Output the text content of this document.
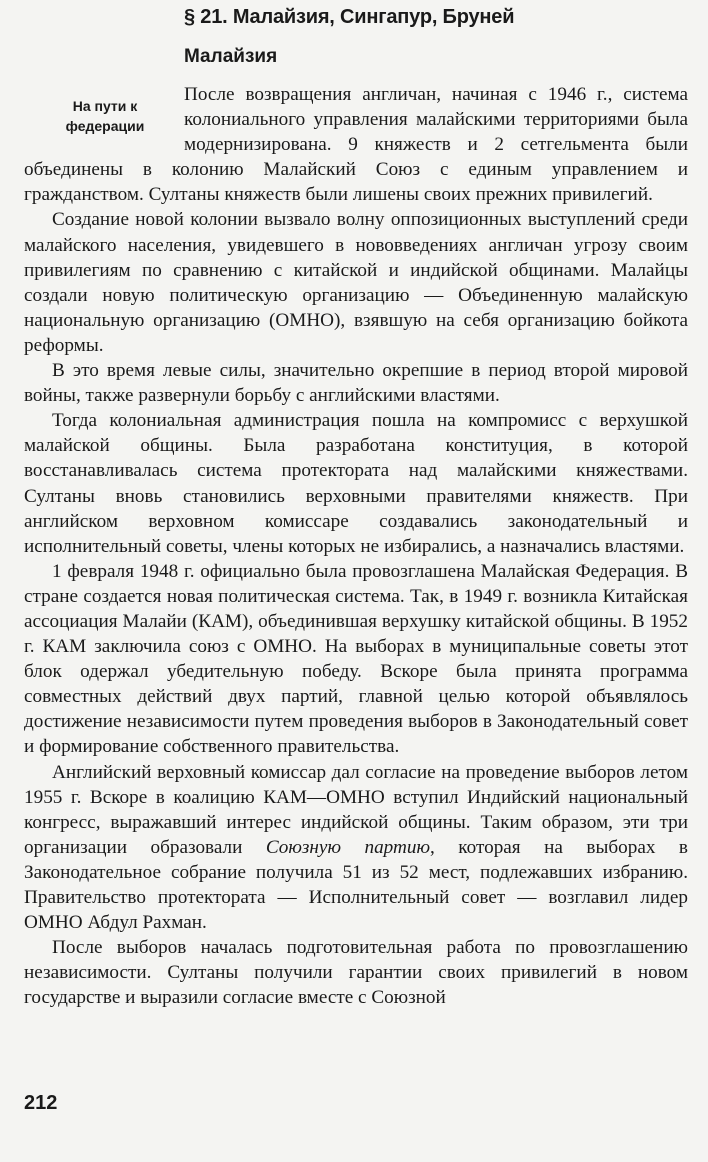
§ 21. Малайзия, Сингапур, Бруней
Малайзия
На пути к федерации

После возвращения англичан, начиная с 1946 г., система колониального управления малайскими территориями была модернизирована. 9 княжеств и 2 сетгельмента были объединены в колонию Малайский Союз с единым управлением и гражданством. Султаны княжеств были лишены своих прежних привилегий.

Создание новой колонии вызвало волну оппозиционных выступлений среди малайского населения, увидевшего в нововведениях англичан угрозу своим привилегиям по сравнению с китайской и индийской общинами. Малайцы создали новую политическую организацию — Объединенную малайскую национальную организацию (ОМНО), взявшую на себя организацию бойкота реформы.

В это время левые силы, значительно окрепшие в период второй мировой войны, также развернули борьбу с английскими властями.

Тогда колониальная администрация пошла на компромисс с верхушкой малайской общины. Была разработана конституция, в которой восстанавливалась система протектората над малайскими княжествами. Султаны вновь становились верховными правителями княжеств. При английском верховном комиссаре создавались законодательный и исполнительный советы, члены которых не избирались, а назначались властями.

1 февраля 1948 г. официально была провозглашена Малайская Федерация. В стране создается новая политическая система. Так, в 1949 г. возникла Китайская ассоциация Малайи (КАМ), объединившая верхушку китайской общины. В 1952 г. КАМ заключила союз с ОМНО. На выборах в муниципальные советы этот блок одержал убедительную победу. Вскоре была принята программа совместных действий двух партий, главной целью которой объявлялось достижение независимости путем проведения выборов в Законодательный совет и формирование собственного правительства.

Английский верховный комиссар дал согласие на проведение выборов летом 1955 г. Вскоре в коалицию КАМ—ОМНО вступил Индийский национальный конгресс, выражавший интерес индийской общины. Таким образом, эти три организации образовали Союзную партию, которая на выборах в Законодательное собрание получила 51 из 52 мест, подлежавших избранию. Правительство протектората — Исполнительный совет — возглавил лидер ОМНО Абдул Рахман.

После выборов началась подготовительная работа по провозглашению независимости. Султаны получили гарантии своих привилегий в новом государстве и выразили согласие вместе с Союзной

212
